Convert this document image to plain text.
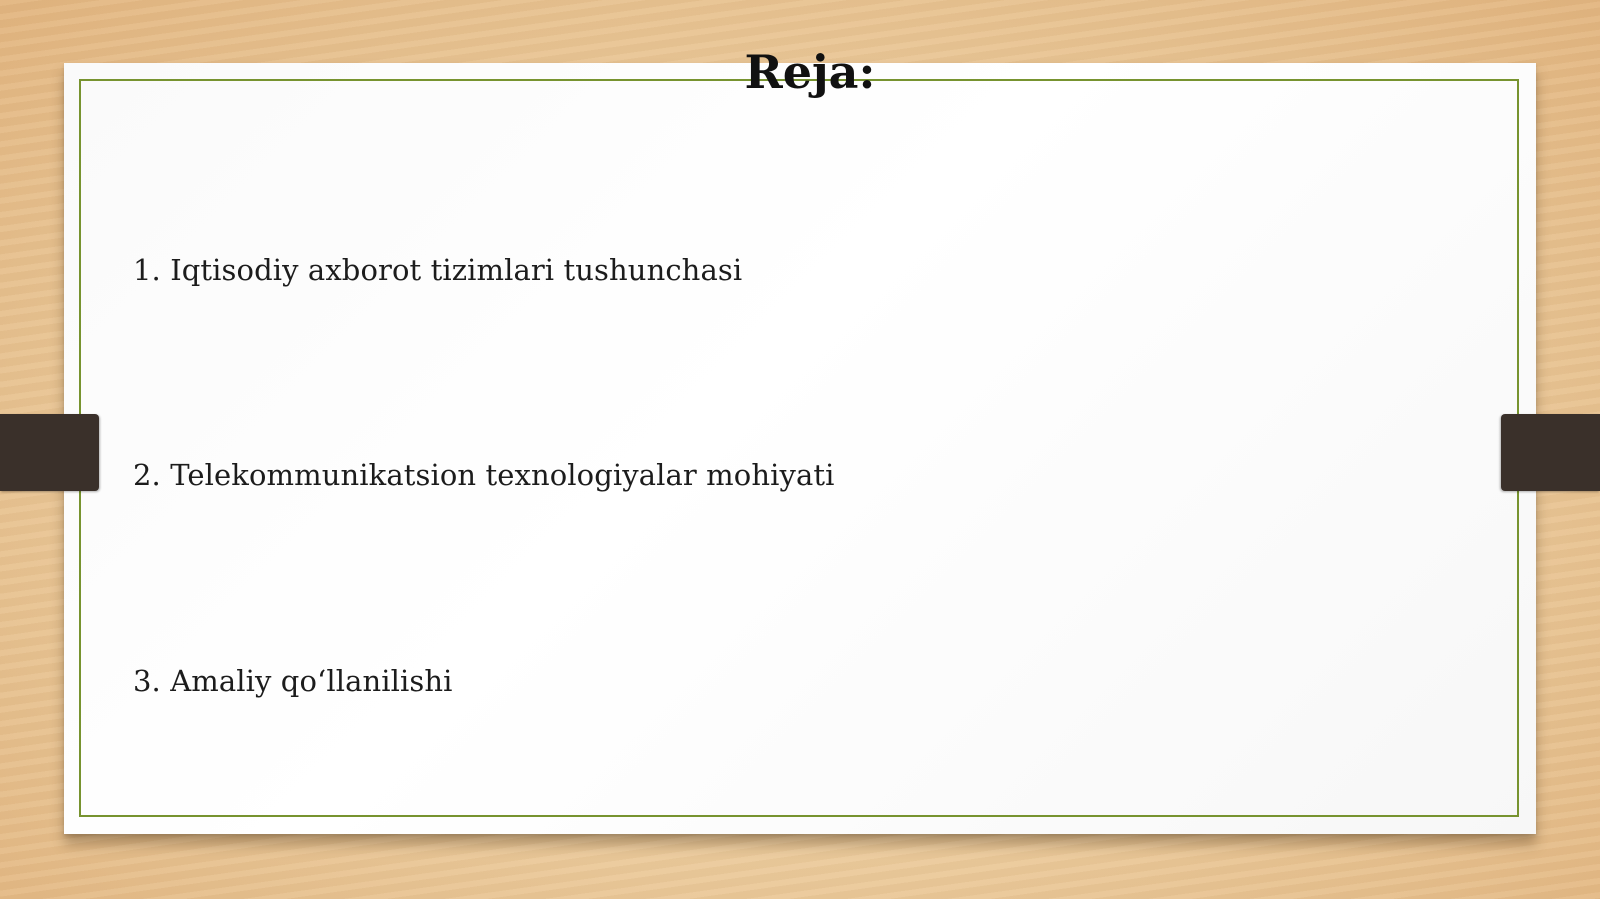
Reja:
1. Iqtisodiy axborot tizimlari tushunchasi
2. Telekommunikatsion texnologiyalar mohiyati
3. Amaliy qo‘llanilishi
